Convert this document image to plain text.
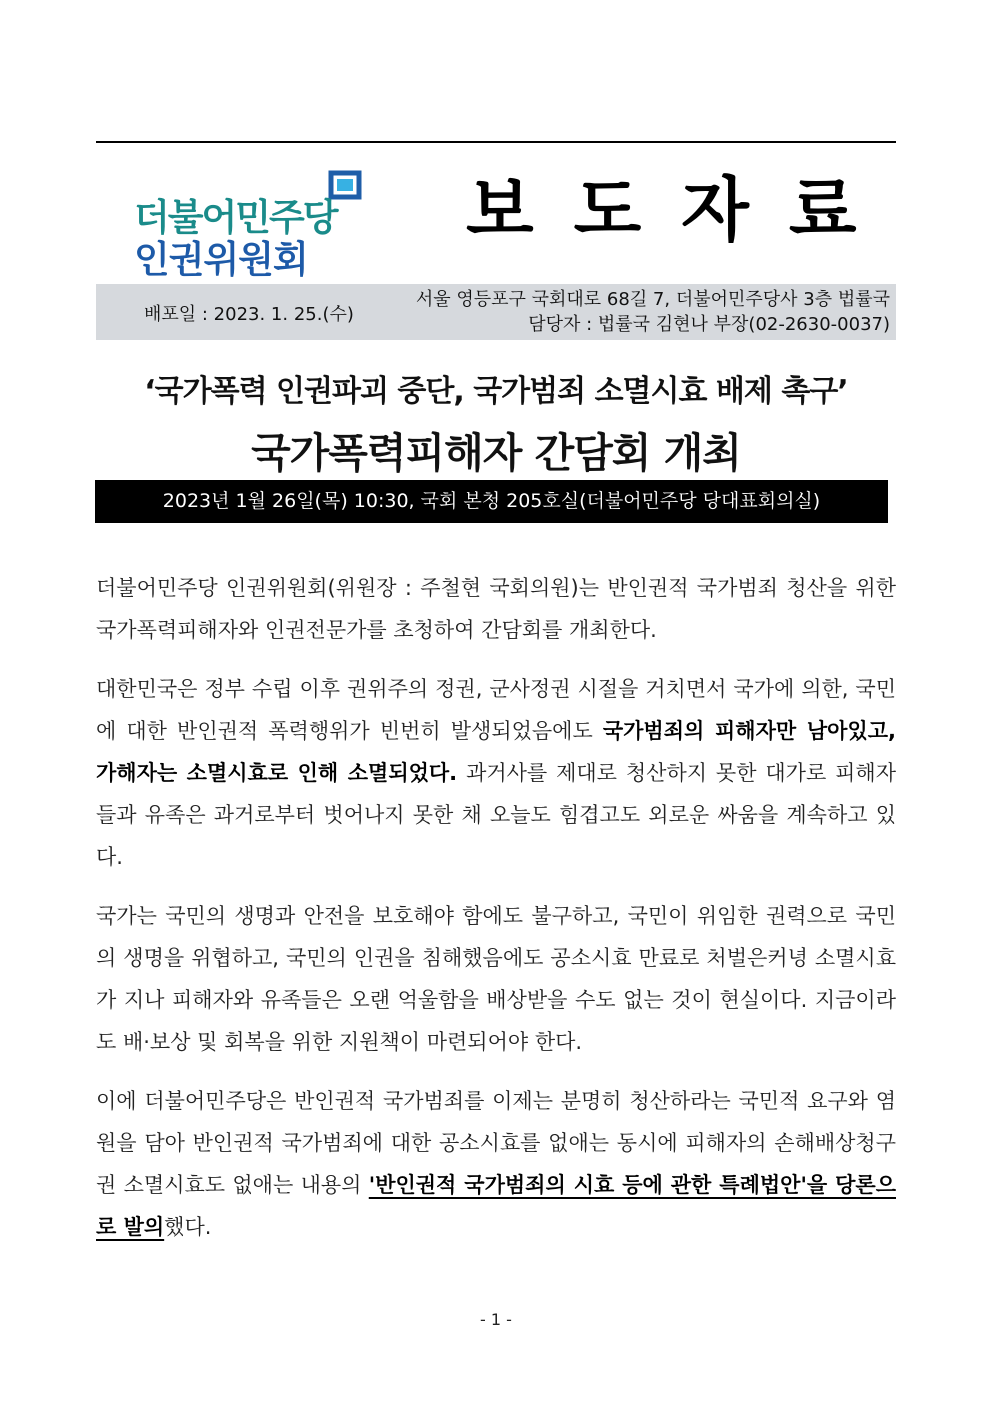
더불어민주당
인권위원회
보도자료
배포일 : 2023. 1. 25.(수)
서울 영등포구 국회대로 68길 7, 더불어민주당사 3층 법률국
담당자 : 법률국 김현나 부장(02-2630-0037)
‘국가폭력 인권파괴 중단, 국가범죄 소멸시효 배제 촉구’
국가폭력피해자 간담회 개최
2023년 1월 26일(목) 10:30, 국회 본청 205호실(더불어민주당 당대표회의실)

더불어민주당 인권위원회(위원장 : 주철현 국회의원)는 반인권적 국가범죄 청산을 위한 국가폭력피해자와 인권전문가를 초청하여 간담회를 개최한다.

대한민국은 정부 수립 이후 권위주의 정권, 군사정권 시절을 거치면서 국가에 의한, 국민에 대한 반인권적 폭력행위가 빈번히 발생되었음에도 국가범죄의 피해자만 남아있고, 가해자는 소멸시효로 인해 소멸되었다. 과거사를 제대로 청산하지 못한 대가로 피해자들과 유족은 과거로부터 벗어나지 못한 채 오늘도 힘겹고도 외로운 싸움을 계속하고 있다.

국가는 국민의 생명과 안전을 보호해야 함에도 불구하고, 국민이 위임한 권력으로 국민의 생명을 위협하고, 국민의 인권을 침해했음에도 공소시효 만료로 처벌은커녕 소멸시효가 지나 피해자와 유족들은 오랜 억울함을 배상받을 수도 없는 것이 현실이다. 지금이라도 배·보상 및 회복을 위한 지원책이 마련되어야 한다.

이에 더불어민주당은 반인권적 국가범죄를 이제는 분명히 청산하라는 국민적 요구와 염원을 담아 반인권적 국가범죄에 대한 공소시효를 없애는 동시에 피해자의 손해배상청구권 소멸시효도 없애는 내용의 '반인권적 국가범죄의 시효 등에 관한 특례법안'을 당론으로 발의했다.

- 1 -
